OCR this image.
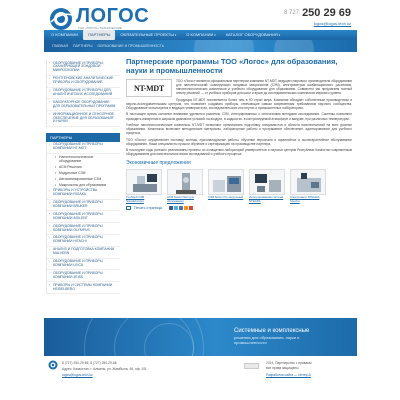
ЛОГОС
ТОО «ЛОГОС» ТЕХНИЧЕСКИЕ
8 727 250 29 69
logos@logos-tech.kz
О КОМПАНИИ	ПАРТНЕРЫ	ОБЯЗАТЕЛЬНЫЕ ПРОЕКТЫ ▾	О КОМПАНИИ ▾	КАТАЛОГ ОБОРУДОВАНИЯ ▾
ГЛАВНАЯ ПАРТНЕРЫ ОБРАЗОВАНИЕ И ПРОМЫШЛЕННОСТЬ
› ОБОРУДОВАНИЕ И ПРИБОРЫ: СКАНИРУЮЩЕЙ ЗОНДОВОЙ МИКРОСКОПИИ
› РЕНТГЕНОВСКИЕ АНАЛИТИЧЕСКИЕ ПРИБОРЫ И ОБОРУДОВАНИЕ
› ОБОРУДОВАНИЕ И ПРИБОРЫ ДЛЯ АНАЛИТИЧЕСКИХ ИССЛЕДОВАНИЙ
› ЛАБОРАТОРНОЕ ОБОРУДОВАНИЕ ДЛЯ ОБРАЗОВАТЕЛЬНЫХ ПРОГРАММ
› ИНФОРМАЦИОННОЕ И СЕНСОРНОЕ ОБЕСПЕЧЕНИЕ ДЛЯ ОБРАЗОВАНИЯ И НАУКИ
ПАРТНЕРЫ
› ОБОРУДОВАНИЕ И ПРИБОРЫ КОМПАНИИ NT-MDT
• Нанотехнологическое оборудование
• АСМ Решения
• Модульные СЗМ
• Автоматизированные СЗМ
• Микроскопы для образования
› ПРИБОРЫ И УСТРОЙСТВА КОМПАНИИ RIGAKU
› ОБОРУДОВАНИЕ И ПРИБОРЫ КОМПАНИИ BRUKER
› ОБОРУДОВАНИЕ И ПРИБОРЫ КОМПАНИИ AGILENT
› ОБОРУДОВАНИЕ И ПРИБОРЫ КОМПАНИИ OLYMPUS
› ОБОРУДОВАНИЕ И ПРИБОРЫ КОМПАНИИ HITACHI
› АНАЛИЗ И ПОДГОТОВКА КОМПАНИИ MALVERN
› ОБОРУДОВАНИЕ И ПРИБОРЫ КОМПАНИИ LEICA
› ОБОРУДОВАНИЕ И ПРИБОРЫ КОМПАНИИ ZEISS
› ПРИБОРЫ И СИСТЕМЫ КОМПАНИИ HEIDELBERG
Партнерские программы ТОО «Логос» для образования, науки и промышленности
NT-MDT

ТОО «Логос» является официальным партнером компании NT-MDT, ведущего мирового производителя оборудования для нанотехнологий: сканирующих зондовых микроскопов (СЗМ), спектрометров комбинационного рассеяния, нанотехнологических комплексов и учебного оборудования для образования. Совместно мы предлагаем полный спектр решений — от учебных приборов для школ и вузов до исследовательских комплексов мирового уровня.

Продукция NT-MDT поставляется более чем в 60 стран мира. Компания обладает собственным производством и научно-исследовательским центром, что позволяет создавать приборы, отвечающие самым современным требованиям научного сообщества. Оборудование используется в ведущих университетах, исследовательских институтах и промышленных лабораториях.

В настоящее время основное внимание уделяется развитию СЗМ, интегрированных с оптическими методами исследования. Системы позволяют проводить измерения в широком диапазоне условий: на воздухе, в жидкостях, в контролируемой атмосфере и вакууме, при различных температурах.

Учебные нанотехнологические комплексы NT-MDT позволяют организовать подготовку специалистов в области нанотехнологий на всех уровнях образования. Комплексы включают методические материалы, лабораторные работы и программное обеспечение, адаптированное для учебного процесса.

ТОО «Логос» осуществляет поставку, монтаж, пусконаладочные работы, обучение персонала и гарантийное и послегарантийное обслуживание оборудования. Наши специалисты прошли обучение и сертификацию на производстве партнера.

В последние годы успешно реализованы проекты по оснащению лабораторий университетов и научных центров Республики Казахстан современным оборудованием для нанотехнологических исследований и учебного процесса.

Экономичные предложения
Учебный СЗМ NanoEducator
АСМ Solver Next для образования
СЗМ Solver Pro модульный Интегрированная система NTEGRA
Спектрометр NTEGRA Spectra
Печать страницы
Системные и комплексные
решения для образования, науки и
промышленности
8 (727) 250-29-69, 8 (727) 250-29-68
Адрес: Казахстан, г. Алматы, ул. Жамбыла, 46, оф. 101
logos@logos-tech.kz
2014, Партнерство с правами
все права защищены
Разработка сайта — Интер-А
